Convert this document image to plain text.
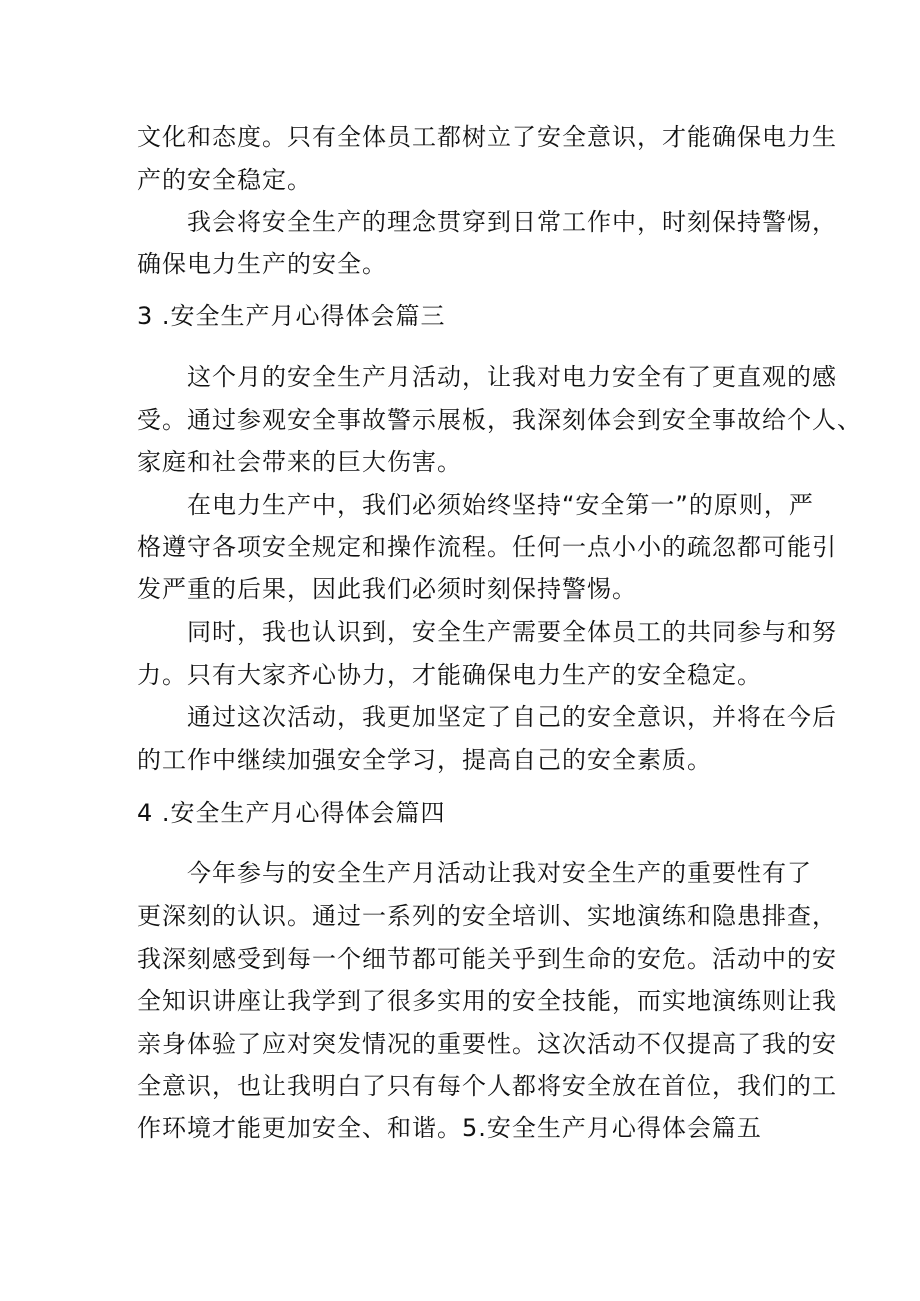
文化和态度。只有全体员工都树立了安全意识，才能确保电力生
产的安全稳定。
我会将安全生产的理念贯穿到日常工作中，时刻保持警惕，
确保电力生产的安全。
3 .安全生产月心得体会篇三
这个月的安全生产月活动，让我对电力安全有了更直观的感
受。通过参观安全事故警示展板，我深刻体会到安全事故给个人、
家庭和社会带来的巨大伤害。
在电力生产中，我们必须始终坚持“安全第一”的原则，严
格遵守各项安全规定和操作流程。任何一点小小的疏忽都可能引
发严重的后果，因此我们必须时刻保持警惕。
同时，我也认识到，安全生产需要全体员工的共同参与和努
力。只有大家齐心协力，才能确保电力生产的安全稳定。
通过这次活动，我更加坚定了自己的安全意识，并将在今后
的工作中继续加强安全学习，提高自己的安全素质。
4 .安全生产月心得体会篇四
今年参与的安全生产月活动让我对安全生产的重要性有了
更深刻的认识。通过一系列的安全培训、实地演练和隐患排查，
我深刻感受到每一个细节都可能关乎到生命的安危。活动中的安
全知识讲座让我学到了很多实用的安全技能，而实地演练则让我
亲身体验了应对突发情况的重要性。这次活动不仅提高了我的安
全意识，也让我明白了只有每个人都将安全放在首位，我们的工
作环境才能更加安全、和谐。5.安全生产月心得体会篇五
